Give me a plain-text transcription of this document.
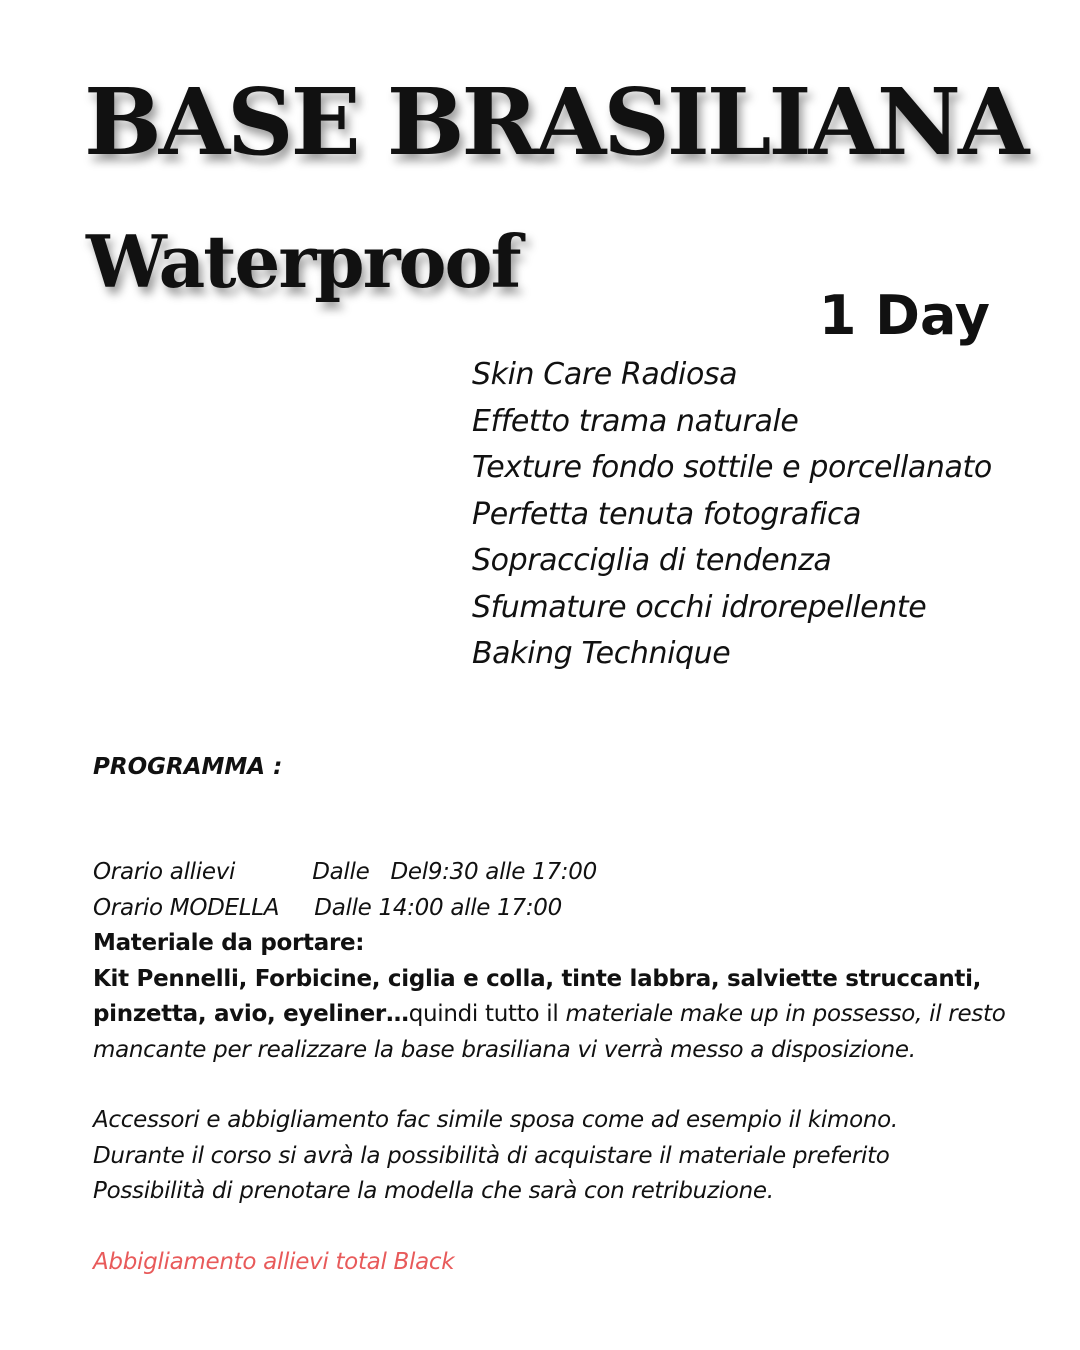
BASE BRASILIANA
Waterproof
1 Day
Skin Care Radiosa
Effetto trama naturale
Texture fondo sottile e porcellanato
Perfetta tenuta fotografica
Sopracciglia di tendenza
Sfumature occhi idrorepellente
Baking Technique
PROGRAMMA :

Orario allievi           Dalle   Del9:30 alle 17:00

Orario MODELLA     Dalle 14:00 alle 17:00

Materiale da portare:

Kit Pennelli, Forbicine, ciglia e colla, tinte labbra, salviette struccanti, pinzetta, avio, eyeliner…quindi tutto il materiale make up in possesso, il resto mancante per realizzare la base brasiliana vi verrà messo a disposizione.

Accessori e abbigliamento fac simile sposa come ad esempio il kimono.

Durante il corso si avrà la possibilità di acquistare il materiale preferito

Possibilità di prenotare la modella che sarà con retribuzione.

Abbigliamento allievi total Black
